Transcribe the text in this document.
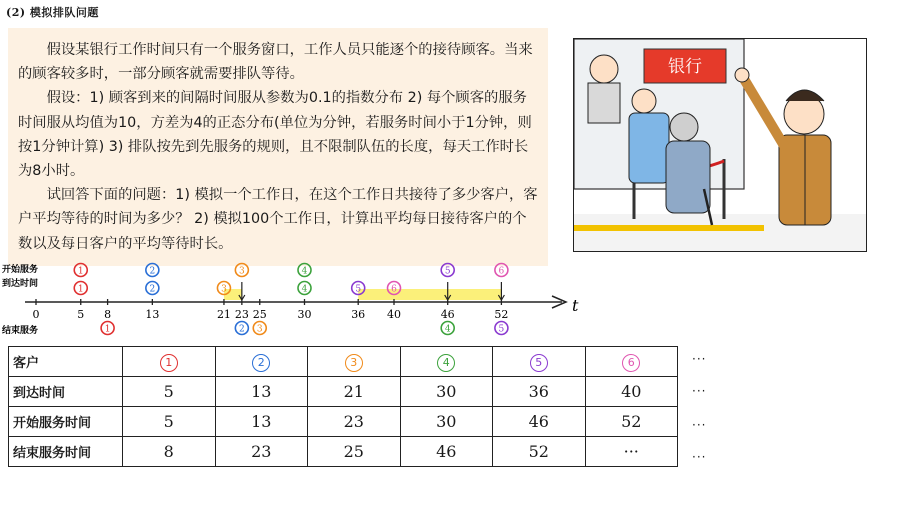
(2) 模拟排队问题

假设某银行工作时间只有一个服务窗口，工作人员只能逐个的接待顾客。当来的顾客较多时，一部分顾客就需要排队等待。

假设：1) 顾客到来的间隔时间服从参数为0.1的指数分布 2) 每个顾客的服务时间服从均值为10，方差为4的正态分布(单位为分钟，若服务时间小于1分钟，则按1分钟计算) 3) 排队按先到先服务的规则，且不限制队伍的长度，每天工作时长为8小时。

试回答下面的问题：1) 模拟一个工作日，在这个工作日共接待了多少客户，客户平均等待的时间为多少？ 2) 模拟100个工作日，计算出平均每日接待客户的个数以及每日客户的平均等待时长。

银行
开始服务
到达时间
结束服务
t
0	5 8	13	21 23 25	30	36 40	46	52
1
1
1
2
2
2
3
3
3
4
4
4
5
5
5
6
6
客户	1	2	3	4	5	6
到达时间	5	13	21	30	36	40
开始服务时间	5	13	23	30	46	52
结束服务时间	8	23	25	46	52	···
···
···
···
···
